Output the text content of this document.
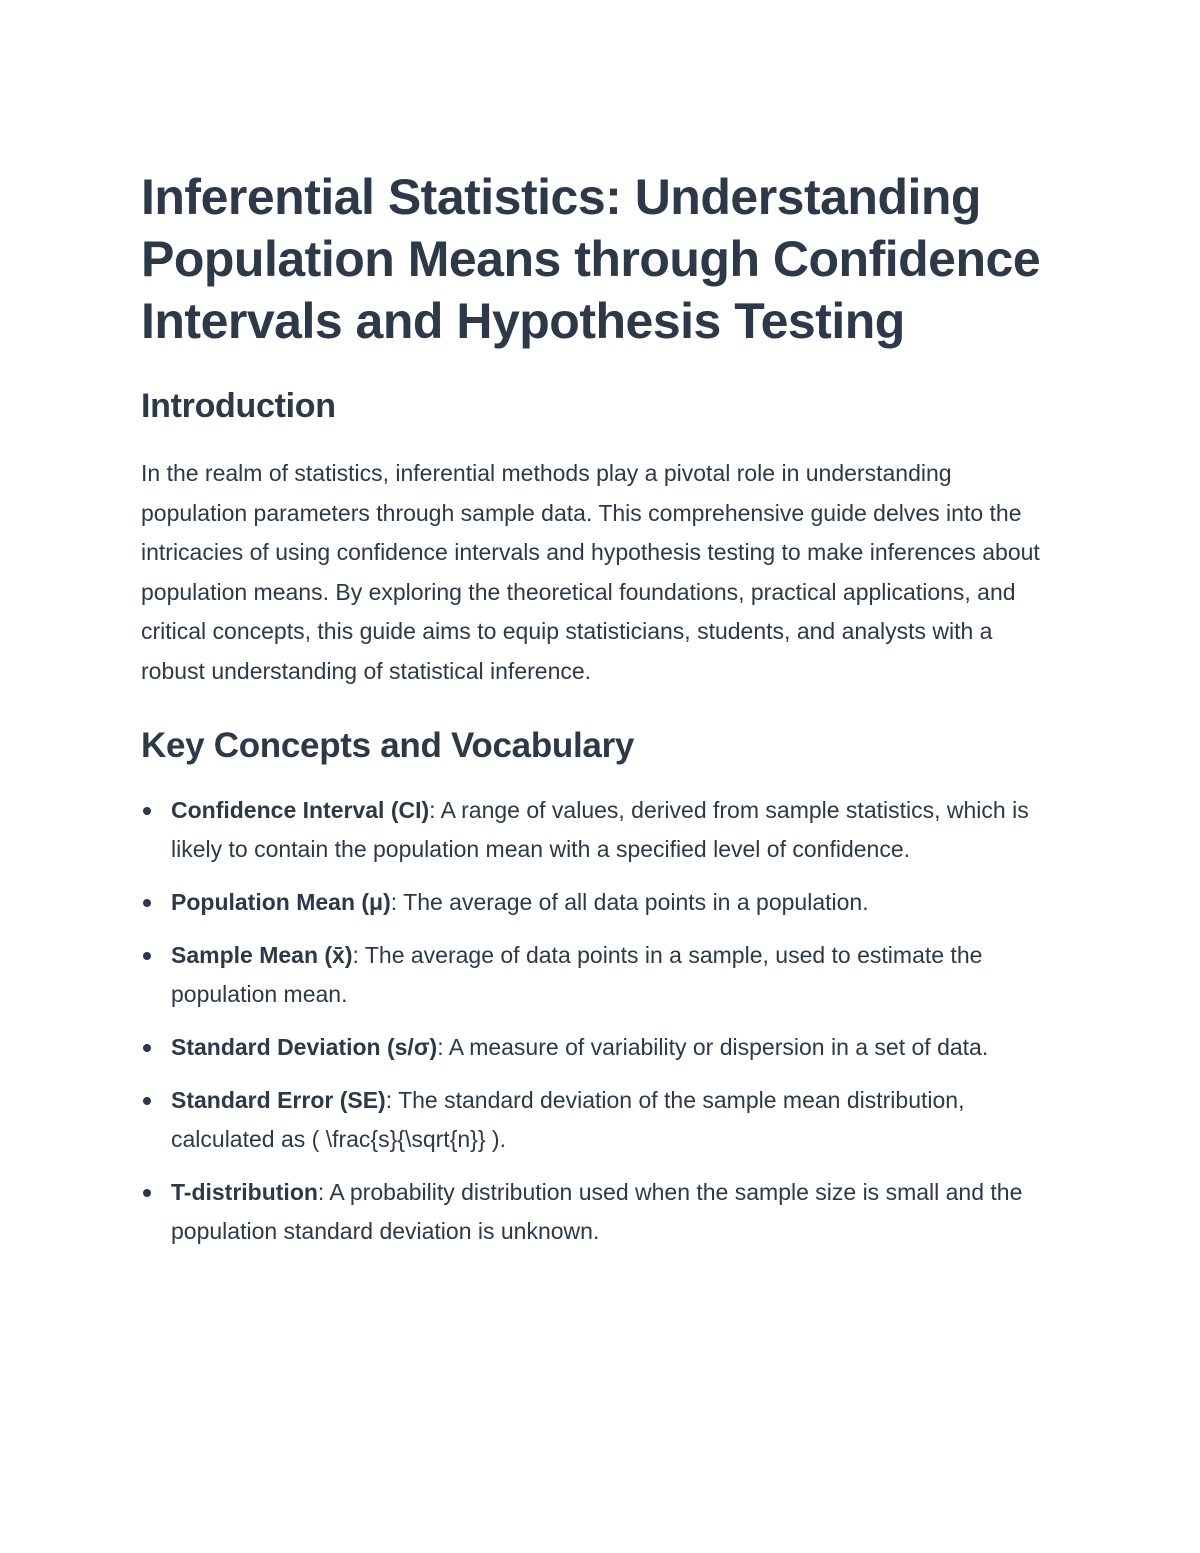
Inferential Statistics: Understanding Population Means through Confidence Intervals and Hypothesis Testing
Introduction

In the realm of statistics, inferential methods play a pivotal role in understanding population parameters through sample data. This comprehensive guide delves into the intricacies of using confidence intervals and hypothesis testing to make inferences about population means. By exploring the theoretical foundations, practical applications, and critical concepts, this guide aims to equip statisticians, students, and analysts with a robust understanding of statistical inference.

Key Concepts and Vocabulary
Confidence Interval (CI): A range of values, derived from sample statistics, which is likely to contain the population mean with a specified level of confidence.
Population Mean (μ): The average of all data points in a population.
Sample Mean (x̄): The average of data points in a sample, used to estimate the population mean.
Standard Deviation (s/σ): A measure of variability or dispersion in a set of data.
Standard Error (SE): The standard deviation of the sample mean distribution, calculated as ( \frac{s}{\sqrt{n}} ).
T-distribution: A probability distribution used when the sample size is small and the population standard deviation is unknown.
